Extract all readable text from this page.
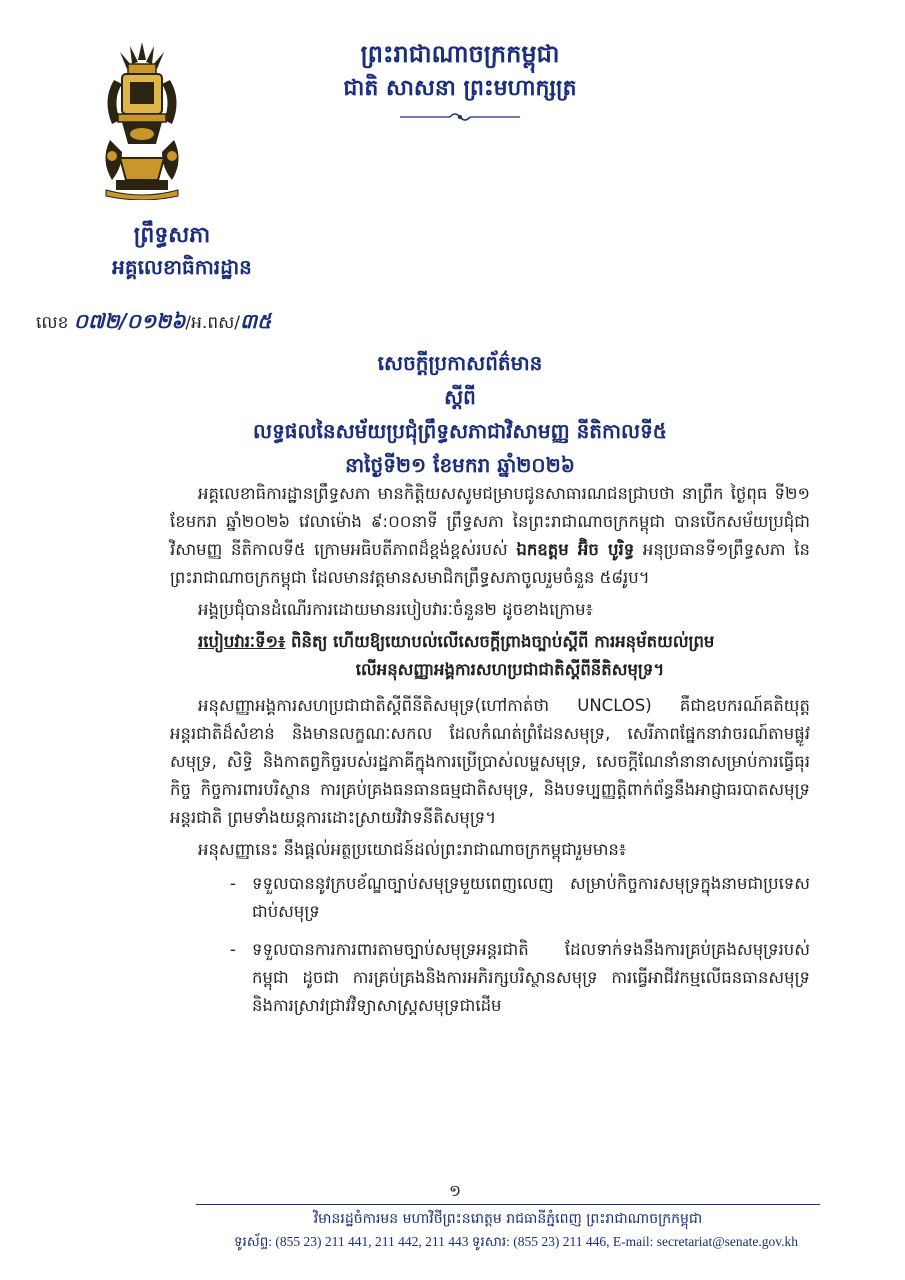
ព្រះរាជាណាចក្រកម្ពុជា
ជាតិ សាសនា ព្រះមហាក្សត្រ
ព្រឹទ្ធសភា
អគ្គលេខាធិការដ្ឋាន
លេខ ០៧២/០១២៦/អ.ពស/៣៥
សេចក្ដីប្រកាសព័ត៌មាន
ស្ដីពី
លទ្ធផលនៃសម័យប្រជុំព្រឹទ្ធសភាជាវិសាមញ្ញ នីតិកាលទី៥
នាថ្ងៃទី២១ ខែមករា ឆ្នាំ២០២៦
អគ្គលេខាធិការដ្ឋានព្រឹទ្ធសភា មានកិត្តិយសសូមជម្រាបជូនសាធារណជនជ្រាបថា នាព្រឹក ថ្ងៃពុធ ទី២១ ខែមករា ឆ្នាំ២០២៦ វេលាម៉ោង ៩:០០នាទី ព្រឹទ្ធសភា នៃព្រះរាជាណាចក្រកម្ពុជា បានបើកសម័យប្រជុំជាវិសាមញ្ញ នីតិកាលទី៥ ក្រោមអធិបតីភាពដ៏ខ្ពង់ខ្ពស់របស់ ឯកឧត្តម អ៊ិច បូរិទ្ធ អនុប្រធានទី១ព្រឹទ្ធសភា នៃព្រះរាជាណាចក្រកម្ពុជា ដែលមានវត្តមានសមាជិកព្រឹទ្ធសភាចូលរួមចំនួន ៥៨រូប។
អង្គប្រជុំបានដំណើរការដោយមានរបៀបវារៈចំនួន២ ដូចខាងក្រោម៖
របៀបវារៈទី១៖ ពិនិត្យ ហើយឱ្យយោបល់លើសេចក្ដីព្រាងច្បាប់ស្ដីពី ការអនុម័តយល់ព្រម
លើអនុសញ្ញាអង្គការសហប្រជាជាតិស្ដីពីនីតិសមុទ្រ។
អនុសញ្ញាអង្គការសហប្រជាជាតិស្ដីពីនីតិសមុទ្រ(ហៅកាត់ថា UNCLOS) គឺជាឧបករណ៍គតិយុត្តអន្តរជាតិដ៏សំខាន់ និងមានលក្ខណៈសកល ដែលកំណត់ព្រំដែនសមុទ្រ, សេរីភាពផ្នែកនាវាចរណ៍តាមផ្លូវសមុទ្រ, សិទ្ធិ និងកាតព្វកិច្ចរបស់រដ្ឋភាគីក្នុងការប្រើប្រាស់លម្ហសមុទ្រ, សេចក្ដីណែនាំនានាសម្រាប់ការធ្វើធុរកិច្ច កិច្ចការពារបរិស្ថាន ការគ្រប់គ្រងធនធានធម្មជាតិសមុទ្រ, និងបទប្បញ្ញត្តិពាក់ព័ន្ធនឹងអាជ្ញាធរបាតសមុទ្រអន្តរជាតិ ព្រមទាំងយន្តការដោះស្រាយវិវាទនីតិសមុទ្រ។
អនុសញ្ញានេះ នឹងផ្ដល់អត្ថប្រយោជន៍ដល់ព្រះរាជាណាចក្រកម្ពុជារួមមាន៖
- ទទួលបាននូវក្របខ័ណ្ឌច្បាប់សមុទ្រមួយពេញលេញ សម្រាប់កិច្ចការសមុទ្រក្នុងនាមជាប្រទេសជាប់សមុទ្រ
- ទទួលបានការការពារតាមច្បាប់សមុទ្រអន្តរជាតិ ដែលទាក់ទងនឹងការគ្រប់គ្រងសមុទ្ររបស់កម្ពុជា ដូចជា ការគ្រប់គ្រងនិងការអភិរក្សបរិស្ថានសមុទ្រ ការធ្វើអាជីវកម្មលើធនធានសមុទ្រ និងការស្រាវជ្រាវវិទ្យាសាស្ត្រសមុទ្រជាដើម
១
វិមានរដ្ឋចំការមន មហាវិថីព្រះនរោត្តម រាជធានីភ្នំពេញ ព្រះរាជាណាចក្រកម្ពុជា
ទូរស័ព្ទ: (855 23) 211 441, 211 442, 211 443 ទូរសារ: (855 23) 211 446, E-mail: secretariat@senate.gov.kh
